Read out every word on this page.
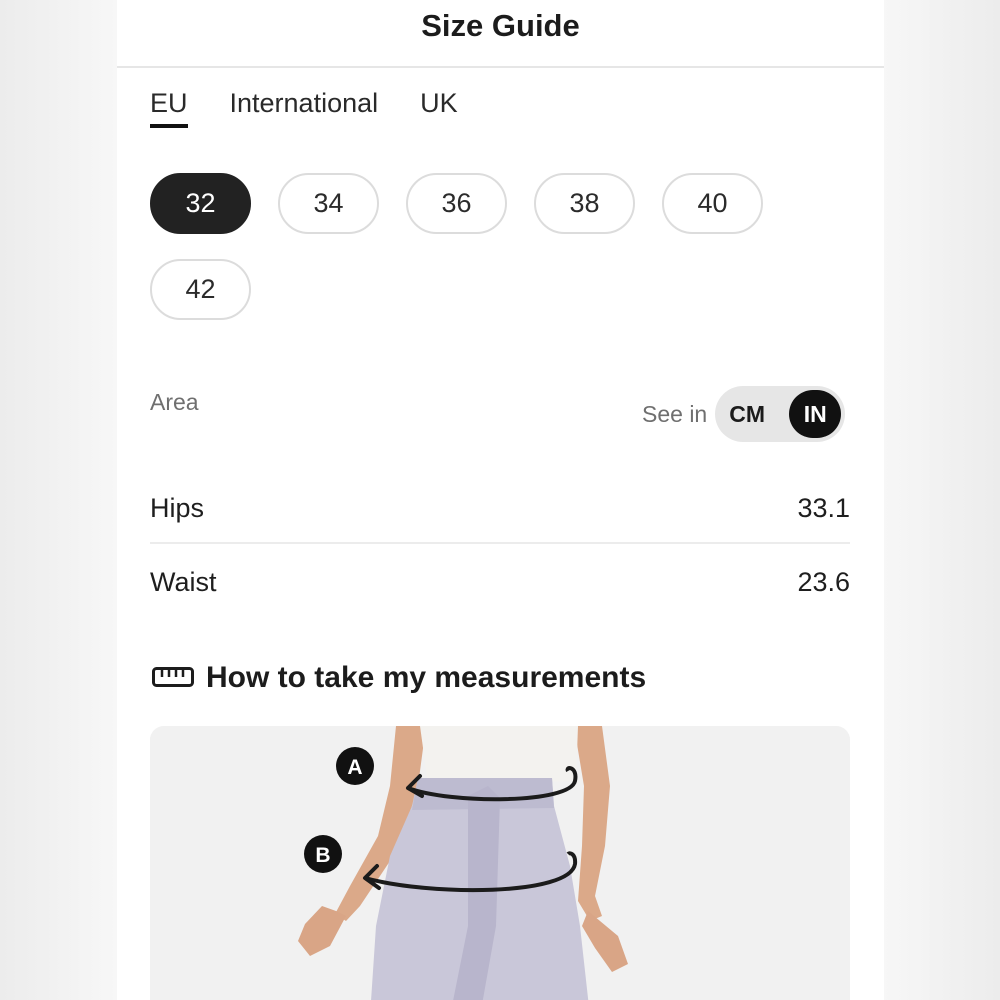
Size Guide
EU International UK
32	34	36	38	40
42
Area	See in CM	IN
Hips	33.1
Waist	23.6
How to take my measurements
A
B
